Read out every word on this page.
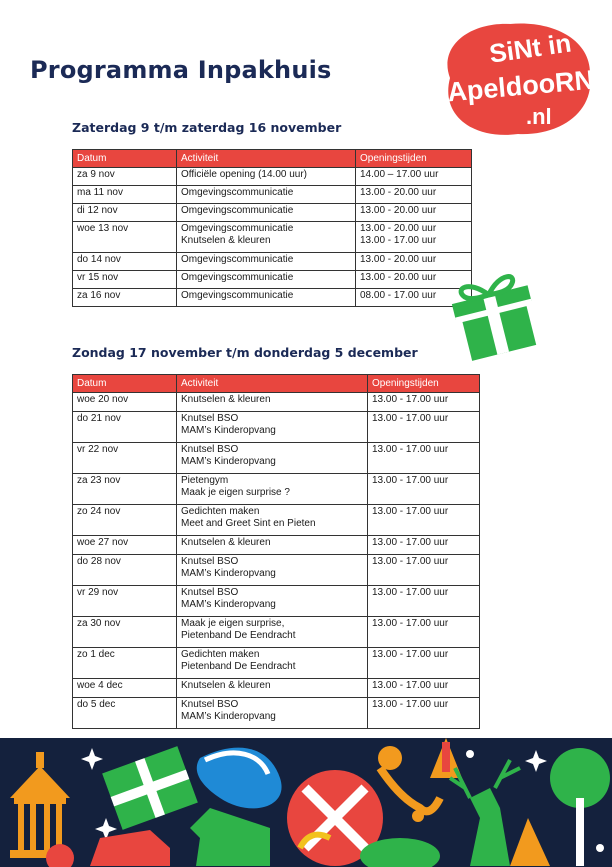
Programma Inpakhuis
SiNt in
ApeldooRN
.nl
Zaterdag 9 t/m zaterdag 16 november
Datum	Activiteit	Openingstijden
za 9 nov	Officiële opening (14.00 uur)	14.00 – 17.00 uur

ma 11 nov	Omgevingscommunicatie	13.00 - 20.00 uur

di 12 nov	Omgevingscommunicatie	13.00 - 20.00 uur

woe 13 nov	Omgevingscommunicatie
Knutselen & kleuren	13.00 - 20.00 uur
13.00 - 17.00 uur

do 14 nov	Omgevingscommunicatie	13.00 - 20.00 uur

vr 15 nov	Omgevingscommunicatie	13.00 - 20.00 uur

za 16 nov	Omgevingscommunicatie	08.00 - 17.00 uur
Zondag 17 november t/m donderdag 5 december
Datum	Activiteit	Openingstijden
woe 20 nov	Knutselen & kleuren	13.00 - 17.00 uur

do 21 nov	Knutsel BSO
MAM’s Kinderopvang	13.00 - 17.00 uur

vr 22 nov	Knutsel BSO
MAM’s Kinderopvang	13.00 - 17.00 uur

za 23 nov	Pietengym
Maak je eigen surprise ?	13.00 - 17.00 uur

zo 24 nov	Gedichten maken
Meet and Greet Sint en Pieten	13.00 - 17.00 uur

woe 27 nov	Knutselen & kleuren	13.00 - 17.00 uur

do 28 nov	Knutsel BSO
MAM’s Kinderopvang	13.00 - 17.00 uur

vr 29 nov	Knutsel BSO
MAM’s Kinderopvang	13.00 - 17.00 uur

za 30 nov	Maak je eigen surprise,
Pietenband De Eendracht	13.00 - 17.00 uur

zo 1 dec	Gedichten maken
Pietenband De Eendracht	13.00 - 17.00 uur

woe 4 dec	Knutselen & kleuren	13.00 - 17.00 uur

do 5 dec	Knutsel BSO
MAM’s Kinderopvang	13.00 - 17.00 uur
